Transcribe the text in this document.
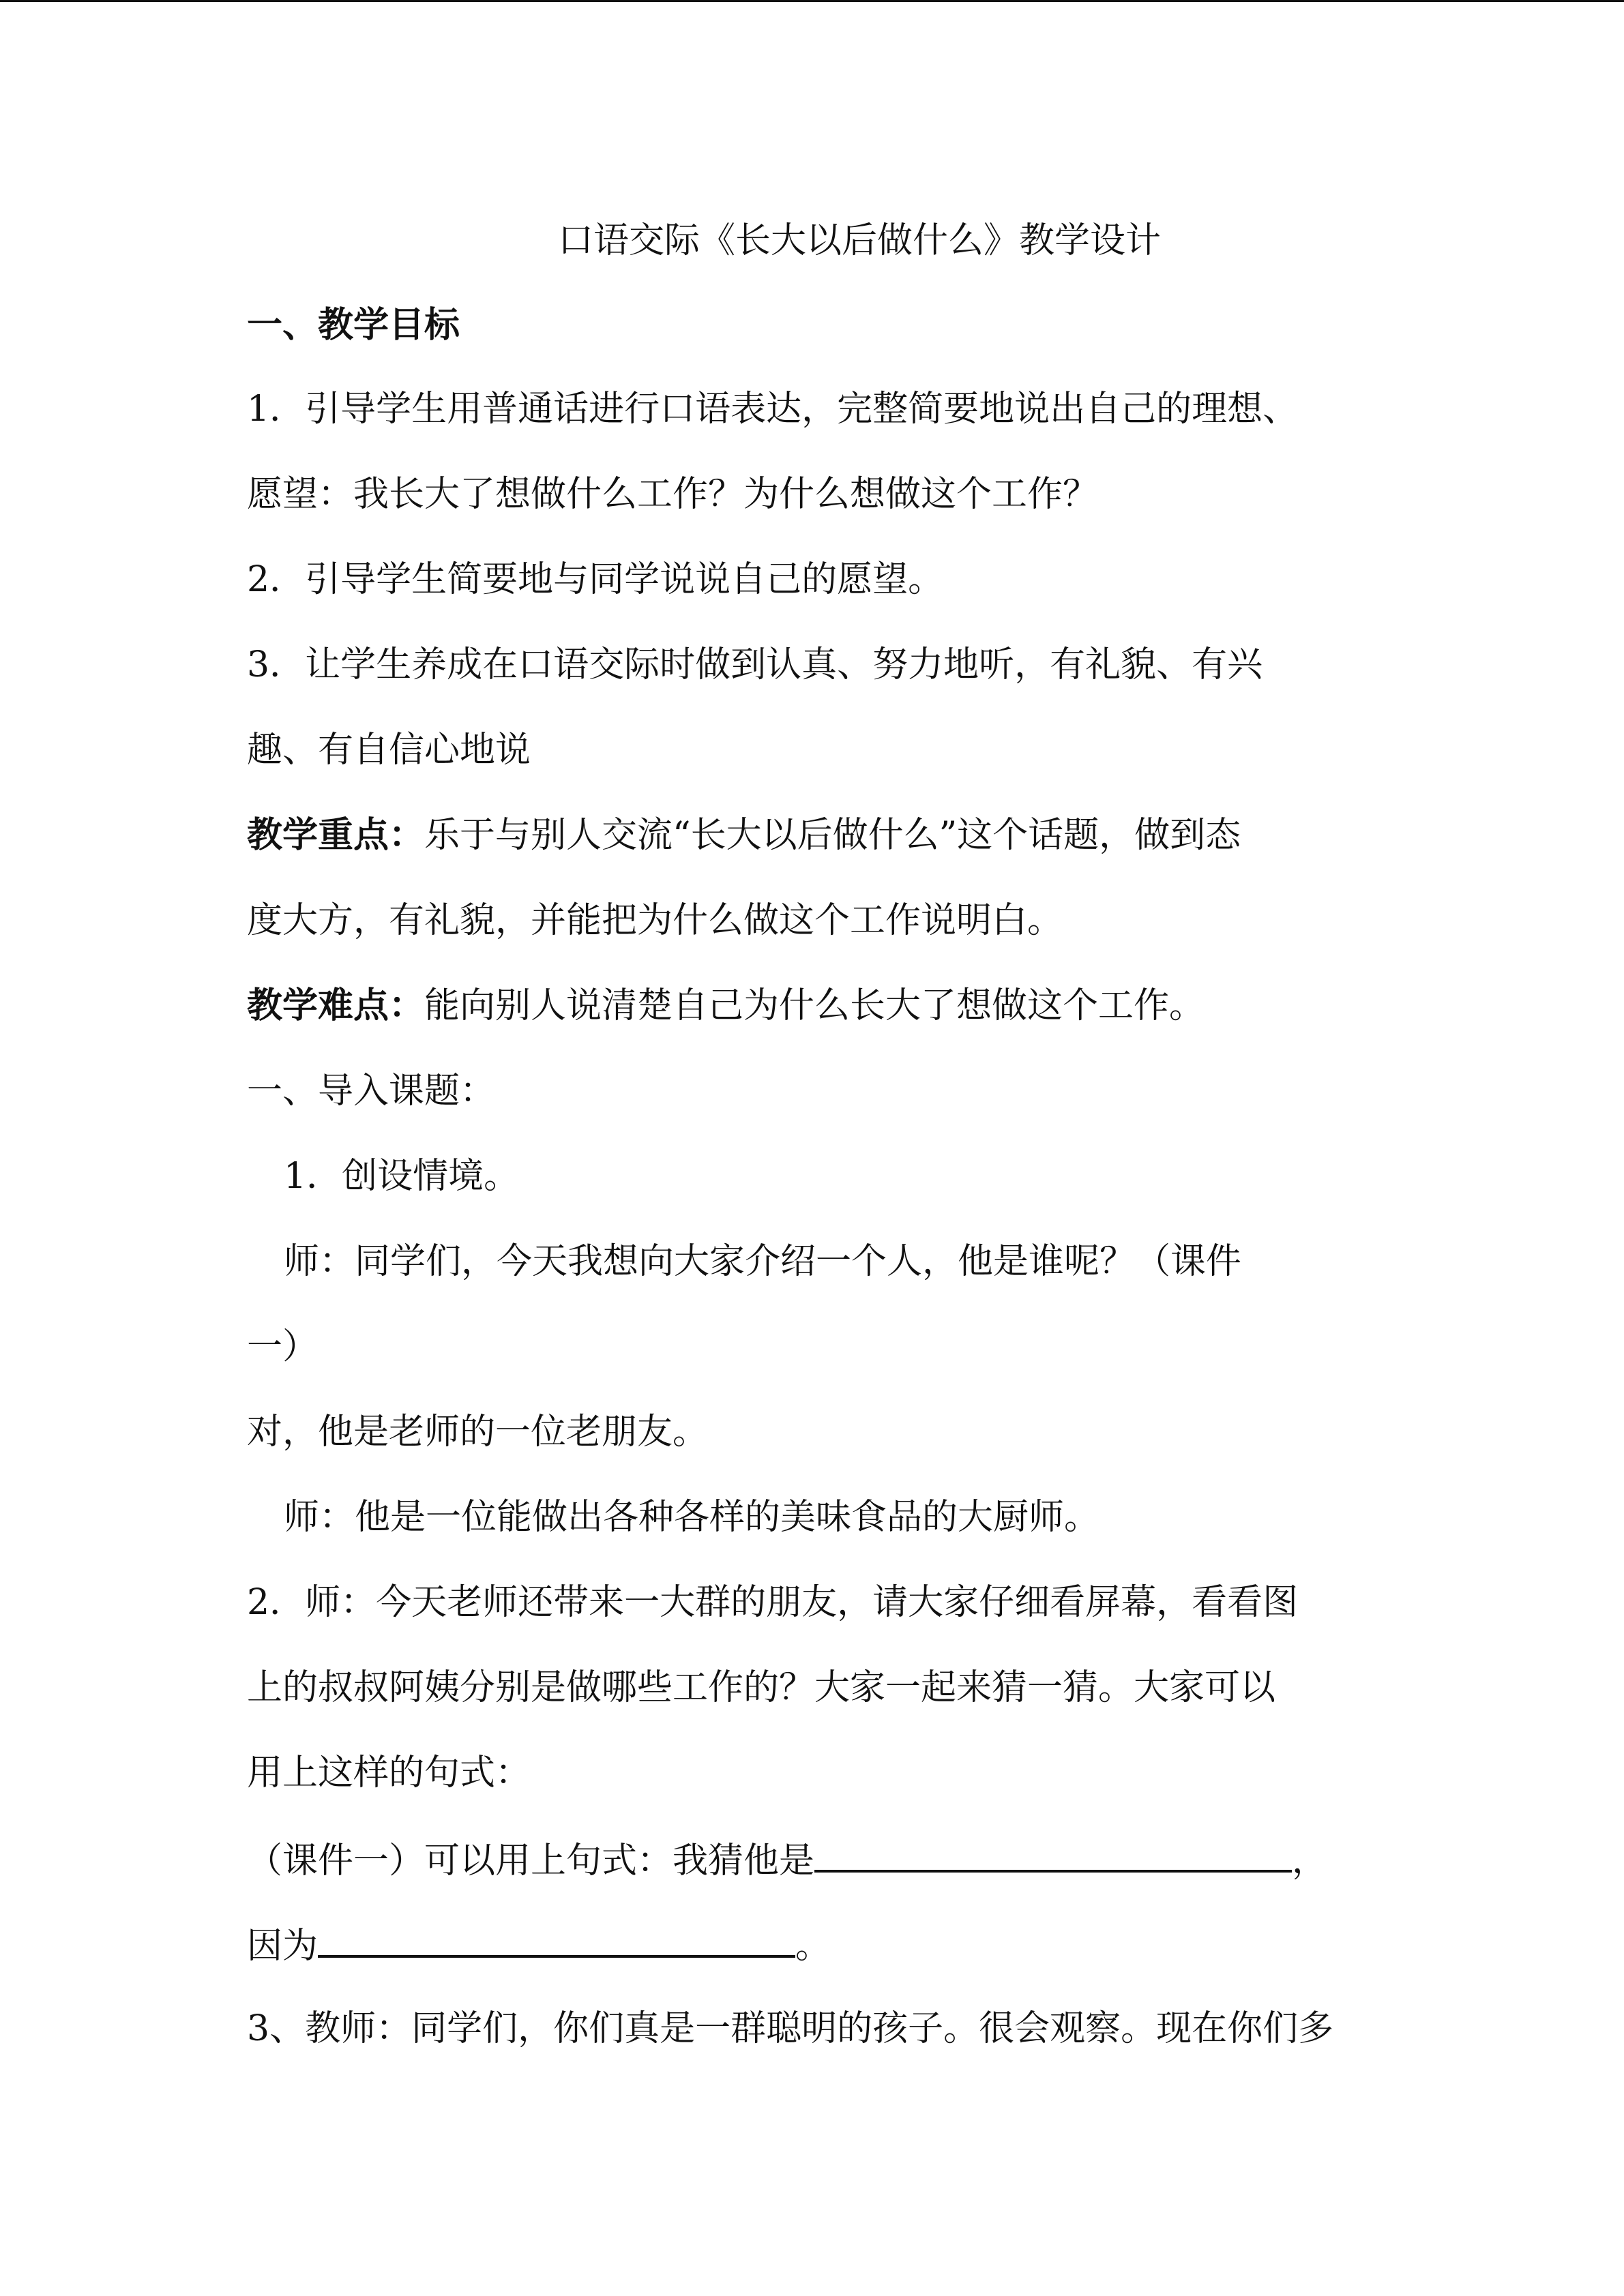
口语交际《长大以后做什么》教学设计
一、教学目标
1．引导学生用普通话进行口语表达，完整简要地说出自己的理想、
愿望：我长大了想做什么工作？为什么想做这个工作？
2．引导学生简要地与同学说说自己的愿望。
3．让学生养成在口语交际时做到认真、努力地听，有礼貌、有兴
趣、有自信心地说
教学重点：乐于与别人交流“长大以后做什么”这个话题，做到态
度大方，有礼貌，并能把为什么做这个工作说明白。
教学难点：能向别人说清楚自己为什么长大了想做这个工作。
一、导入课题：
1．创设情境。
师：同学们，今天我想向大家介绍一个人，他是谁呢？（课件
一）
对，他是老师的一位老朋友。
师：他是一位能做出各种各样的美味食品的大厨师。
2．师：今天老师还带来一大群的朋友，请大家仔细看屏幕，看看图
上的叔叔阿姨分别是做哪些工作的？大家一起来猜一猜。大家可以
用上这样的句式：
（课件一）可以用上句式：我猜他是	，
因为	。
3、教师：同学们，你们真是一群聪明的孩子。很会观察。现在你们多
